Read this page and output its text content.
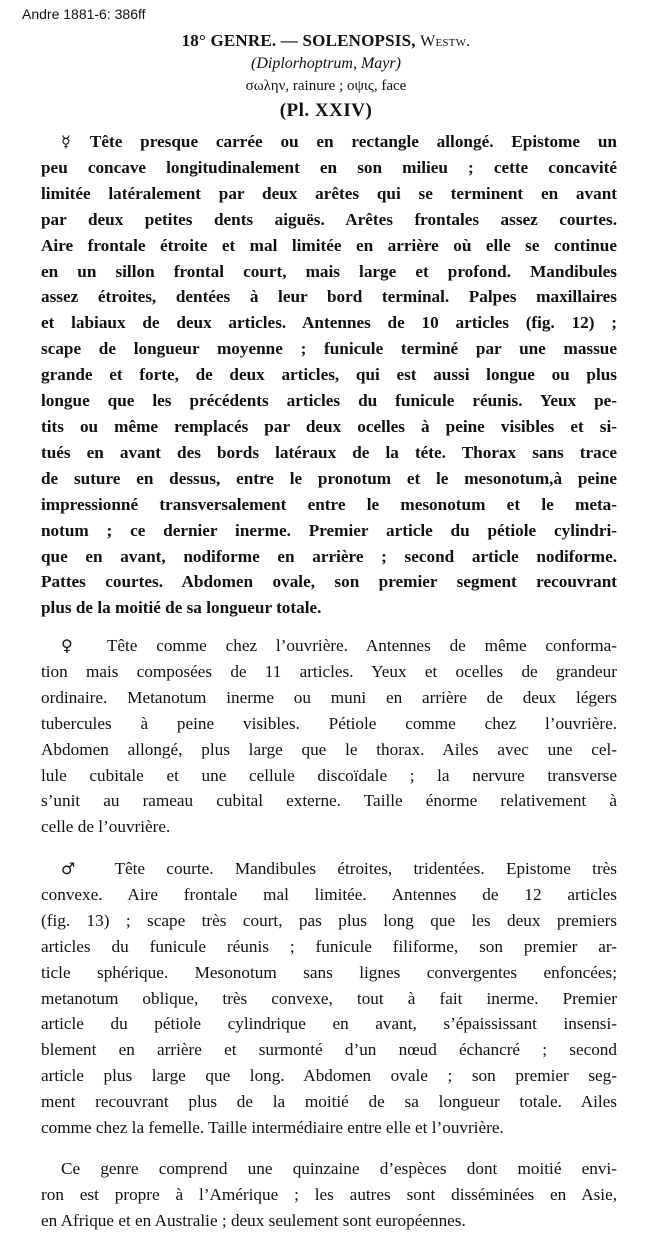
Andre 1881-6: 386ff
18° GENRE. — SOLENOPSIS, Westw.
(Diplorhoptrum, Mayr)
σωλην, rainure ; οψις, face
(Pl. XXIV)
☿ Tête presque carrée ou en rectangle allongé. Epistome un
peu concave longitudinalement en son milieu ; cette concavité
limitée latéralement par deux arêtes qui se terminent en avant
par deux petites dents aiguës. Arêtes frontales assez courtes.
Aire frontale étroite et mal limitée en arrière où elle se continue
en un sillon frontal court, mais large et profond. Mandibules
assez étroites, dentées à leur bord terminal. Palpes maxillaires
et labiaux de deux articles. Antennes de 10 articles (fig. 12) ;
scape de longueur moyenne ; funicule terminé par une massue
grande et forte, de deux articles, qui est aussi longue ou plus
longue que les précédents articles du funicule réunis. Yeux pe-
tits ou même remplacés par deux ocelles à peine visibles et si-
tués en avant des bords latéraux de la téte. Thorax sans trace
de suture en dessus, entre le pronotum et le mesonotum,à peine
impressionné transversalement entre le mesonotum et le meta-
notum ; ce dernier inerme. Premier article du pétiole cylindri-
que en avant, nodiforme en arrière ; second article nodiforme.
Pattes courtes. Abdomen ovale, son premier segment recouvrant
plus de la moitié de sa longueur totale.
♀ Tête comme chez l’ouvrière. Antennes de même conforma-
tion mais composées de 11 articles. Yeux et ocelles de grandeur
ordinaire. Metanotum inerme ou muni en arrière de deux légers
tubercules à peine visibles. Pétiole comme chez l’ouvrière.
Abdomen allongé, plus large que le thorax. Ailes avec une cel-
lule cubitale et une cellule discoïdale ; la nervure transverse
s’unit au rameau cubital externe. Taille énorme relativement à
celle de l’ouvrière.
♂ Tête courte. Mandibules étroites, tridentées. Epistome très
convexe. Aire frontale mal limitée. Antennes de 12 articles
(fig. 13) ; scape très court, pas plus long que les deux premiers
articles du funicule réunis ; funicule filiforme, son premier ar-
ticle sphérique. Mesonotum sans lignes convergentes enfoncées;
metanotum oblique, très convexe, tout à fait inerme. Premier
article du pétiole cylindrique en avant, s’épaississant insensi-
blement en arrière et surmonté d’un nœud échancré ; second
article plus large que long. Abdomen ovale ; son premier seg-
ment recouvrant plus de la moitié de sa longueur totale. Ailes
comme chez la femelle. Taille intermédiaire entre elle et l’ouvrière.
Ce genre comprend une quinzaine d’espèces dont moitié envi-
ron est propre à l’Amérique ; les autres sont disséminées en Asie,
en Afrique et en Australie ; deux seulement sont européennes.
